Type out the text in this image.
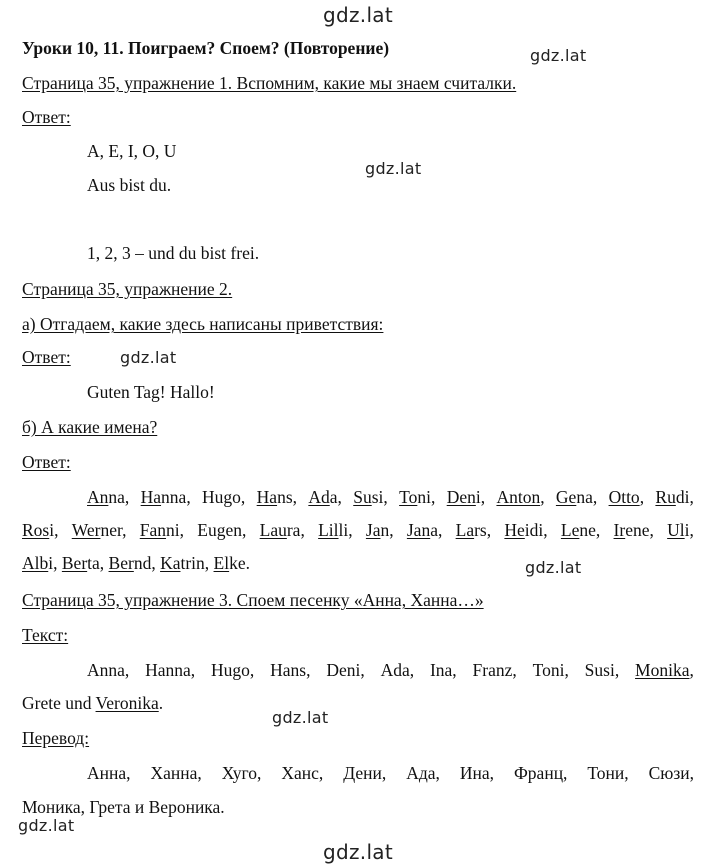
gdz.lat
gdz.lat
gdz.lat
gdz.lat
gdz.lat
gdz.lat
gdz.lat
gdz.lat
Уроки 10, 11. Поиграем? Споем? (Повторение)
Страница 35, упражнение 1. Вспомним, какие мы знаем считалки.
Ответ:
A, E, I, O, U
Aus bist du.
1, 2, 3 – und du bist frei.
Страница 35, упражнение 2.
а) Отгадаем, какие здесь написаны приветствия:
Ответ:
Guten Tag! Hallo!
б) А какие имена?
Ответ:
Anna, Hanna, Hugo, Hans, Ada, Susi, Toni, Deni, Anton, Gena, Otto, Rudi,
Rosi, Werner, Fanni, Eugen, Laura, Lilli, Jan, Jana, Lars, Heidi, Lene, Irene, Uli,
Albi, Berta, Bernd, Katrin, Elke.
Страница 35, упражнение 3. Споем песенку «Анна, Ханна…»
Текст:
Anna, Hanna, Hugo, Hans, Deni, Ada, Ina, Franz, Toni, Susi, Monika,
Grete und Veronika.
Перевод:
Анна, Ханна, Хуго, Ханс, Дени, Ада, Ина, Франц, Тони, Сюзи,
Моника, Грета и Вероника.
